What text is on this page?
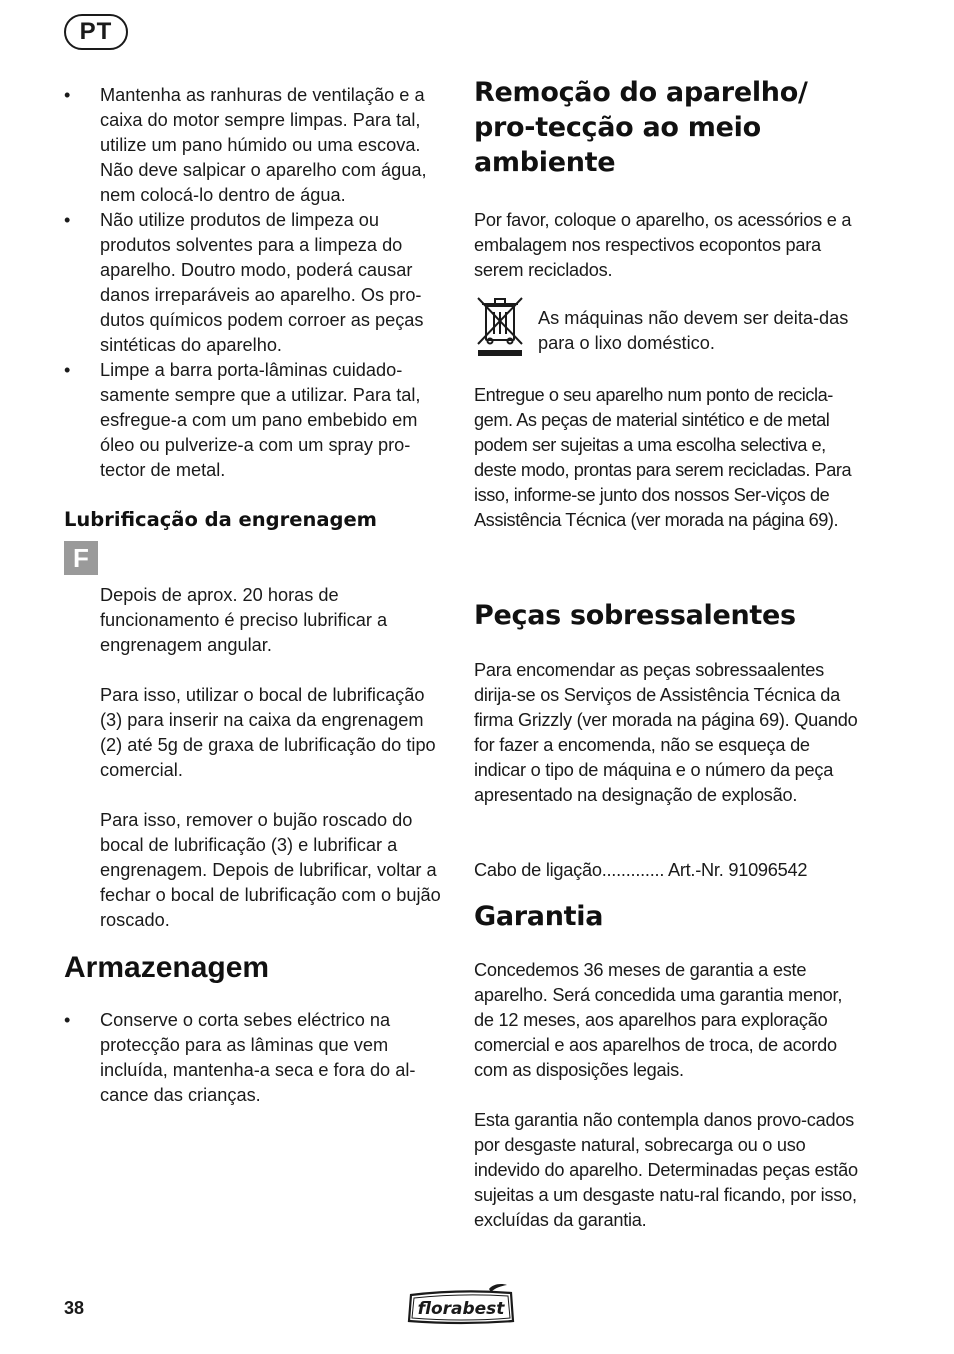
PT
• Mantenha as ranhuras de ventilação e a caixa do motor sempre limpas. Para tal, utilize um pano húmido ou uma escova. Não deve salpicar o aparelho com água, nem colocá-lo dentro de água.
• Não utilize produtos de limpeza ou produtos solventes para a limpeza do aparelho. Doutro modo, poderá causar danos irreparáveis ao aparelho. Os pro-dutos químicos podem corroer as peças sintéticas do aparelho.
• Limpe a barra porta-lâminas cuidado-samente sempre que a utilizar. Para tal, esfregue-a com um pano embebido em óleo ou pulverize-a com um spray pro-tector de metal.
Lubrificação da engrenagem
F

Depois de aprox. 20 horas de funcionamento é preciso lubrificar a engrenagem angular.

Para isso, utilizar o bocal de lubrificação (3) para inserir na caixa da engrenagem (2) até 5g de graxa de lubrificação do tipo comercial.

Para isso, remover o bujão roscado do bocal de lubrificação (3) e lubrificar a engrenagem. Depois de lubrificar, voltar a fechar o bocal de lubrificação com o bujão roscado.

Armazenagem
• Conserve o corta sebes eléctrico na protecção para as lâminas que vem incluída, mantenha-a seca e fora do al-cance das crianças.
Remoção do aparelho/ pro-tecção ao meio ambiente

Por favor, coloque o aparelho, os acessórios e a embalagem nos respectivos ecopontos para serem reciclados.

As máquinas não devem ser deita-das para o lixo doméstico.

Entregue o seu aparelho num ponto de recicla-gem. As peças de material sintético e de metal podem ser sujeitas a uma escolha selectiva e, deste modo, prontas para serem recicladas. Para isso, informe-se junto dos nossos Ser-viços de Assistência Técnica (ver morada na página 69).

Peças sobressalentes

Para encomendar as peças sobressaalentes dirija-se os Serviços de Assistência Técnica da firma Grizzly (ver morada na página 69). Quando for fazer a encomenda, não se esqueça de indicar o tipo de máquina e o número da peça apresentado na designação de explosão.

Cabo de ligação............. Art.-Nr. 91096542

Garantia

Concedemos 36 meses de garantia a este aparelho. Será concedida uma garantia menor, de 12 meses, aos aparelhos para exploração comercial e aos aparelhos de troca, de acordo com as disposições legais.

Esta garantia não contempla danos provo-cados por desgaste natural, sobrecarga ou o uso indevido do aparelho. Determinadas peças estão sujeitas a um desgaste natu-ral ficando, por isso, excluídas da garantia.

38	florabest
